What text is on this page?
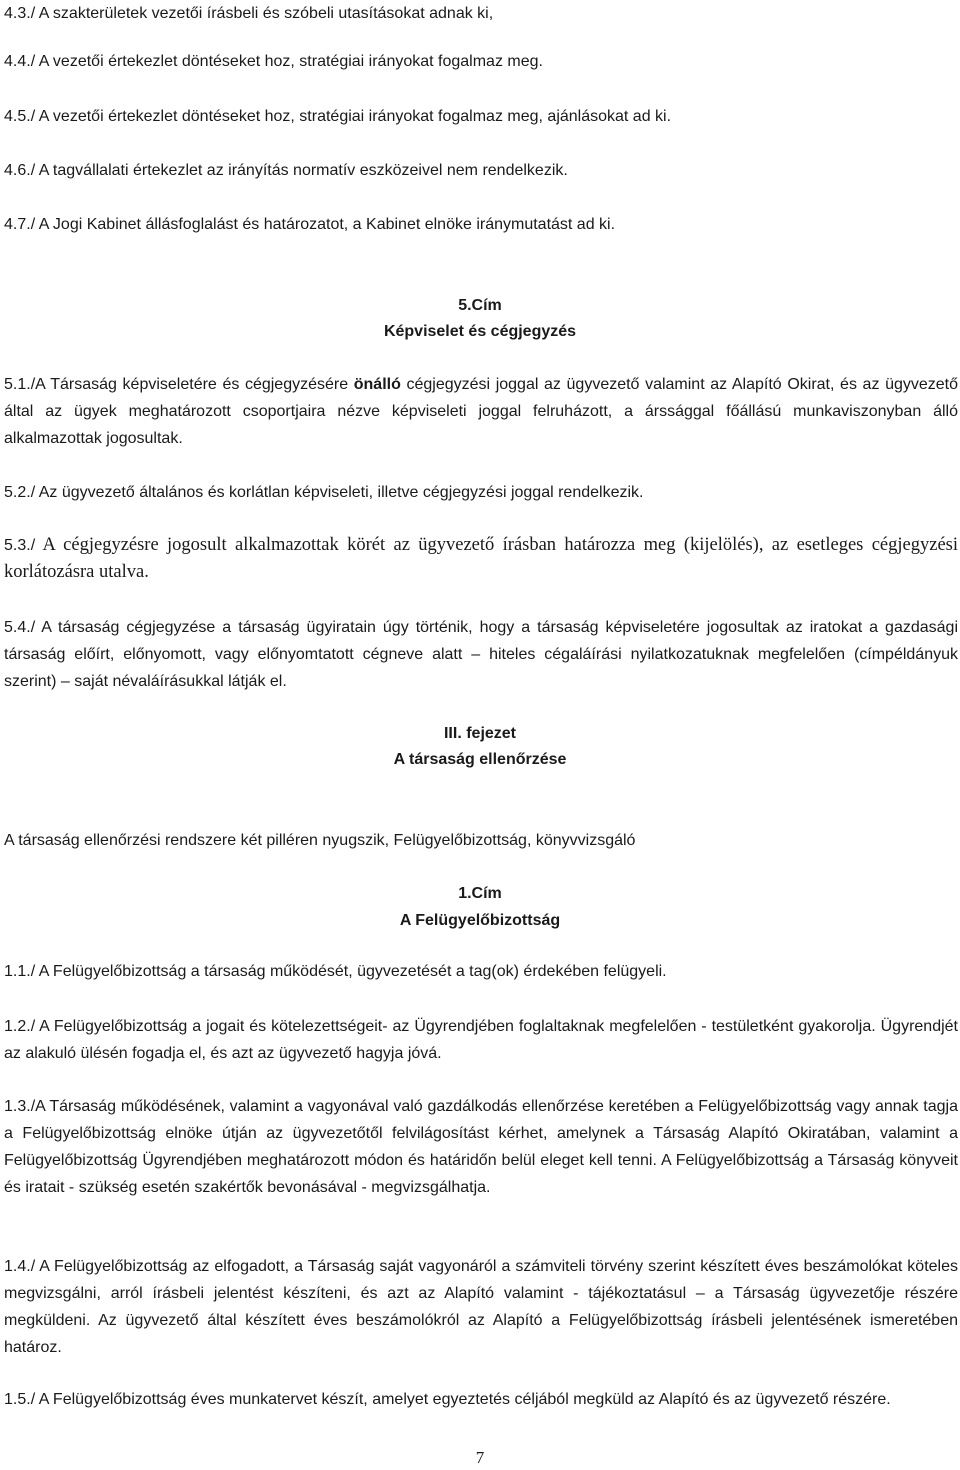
4.3./ A szakterületek vezetői írásbeli és szóbeli utasításokat adnak ki,
4.4./ A vezetői értekezlet döntéseket hoz, stratégiai irányokat fogalmaz meg.
4.5./ A vezetői értekezlet döntéseket hoz, stratégiai irányokat fogalmaz meg, ajánlásokat ad ki.
4.6./ A tagvállalati értekezlet az irányítás normatív eszközeivel nem rendelkezik.
4.7./ A Jogi Kabinet állásfoglalást és határozatot, a Kabinet elnöke iránymutatást ad ki.
5.Cím
Képviselet és cégjegyzés
5.1./A Társaság képviseletére és cégjegyzésére önálló cégjegyzési joggal az ügyvezető valamint az Alapító Okirat, és az ügyvezető által az ügyek meghatározott csoportjaira nézve képviseleti joggal felruházott, a árssággal főállású munkaviszonyban álló alkalmazottak jogosultak.
5.2./ Az ügyvezető általános és korlátlan képviseleti, illetve cégjegyzési joggal rendelkezik.
5.3./ A cégjegyzésre jogosult alkalmazottak körét az ügyvezető írásban határozza meg (kijelölés), az esetleges cégjegyzési korlátozásra utalva.
5.4./ A társaság cégjegyzése a társaság ügyiratain úgy történik, hogy a társaság képviseletére jogosultak az iratokat a gazdasági társaság előírt, előnyomott, vagy előnyomtatott cégneve alatt – hiteles cégaláírási nyilatkozatuknak megfelelően (címpéldányuk szerint) – saját névaláírásukkal látják el.
III. fejezet
A társaság ellenőrzése
A társaság ellenőrzési rendszere két pilléren nyugszik, Felügyelőbizottság, könyvvizsgáló
1.Cím
A Felügyelőbizottság
1.1./ A Felügyelőbizottság a társaság működését, ügyvezetését a tag(ok) érdekében felügyeli.
1.2./ A Felügyelőbizottság a jogait és kötelezettségeit- az Ügyrendjében foglaltaknak megfelelően - testületként gyakorolja. Ügyrendjét az alakuló ülésén fogadja el, és azt az ügyvezető hagyja jóvá.
1.3./A Társaság működésének, valamint a vagyonával való gazdálkodás ellenőrzése keretében a Felügyelőbizottság vagy annak tagja a Felügyelőbizottság elnöke útján az ügyvezetőtől felvilágosítást kérhet, amelynek a Társaság Alapító Okiratában, valamint a Felügyelőbizottság Ügyrendjében meghatározott módon és határidőn belül eleget kell tenni. A Felügyelőbizottság a Társaság könyveit és iratait - szükség esetén szakértők bevonásával - megvizsgálhatja.
1.4./ A Felügyelőbizottság az elfogadott, a Társaság saját vagyonáról a számviteli törvény szerint készített éves beszámolókat köteles megvizsgálni, arról írásbeli jelentést készíteni, és azt az Alapító valamint - tájékoztatásul – a Társaság ügyvezetője részére megküldeni. Az ügyvezető által készített éves beszámolókról az Alapító a Felügyelőbizottság írásbeli jelentésének ismeretében határoz.
1.5./ A Felügyelőbizottság éves munkatervet készít, amelyet egyeztetés céljából megküld az Alapító és az ügyvezető részére.
7
